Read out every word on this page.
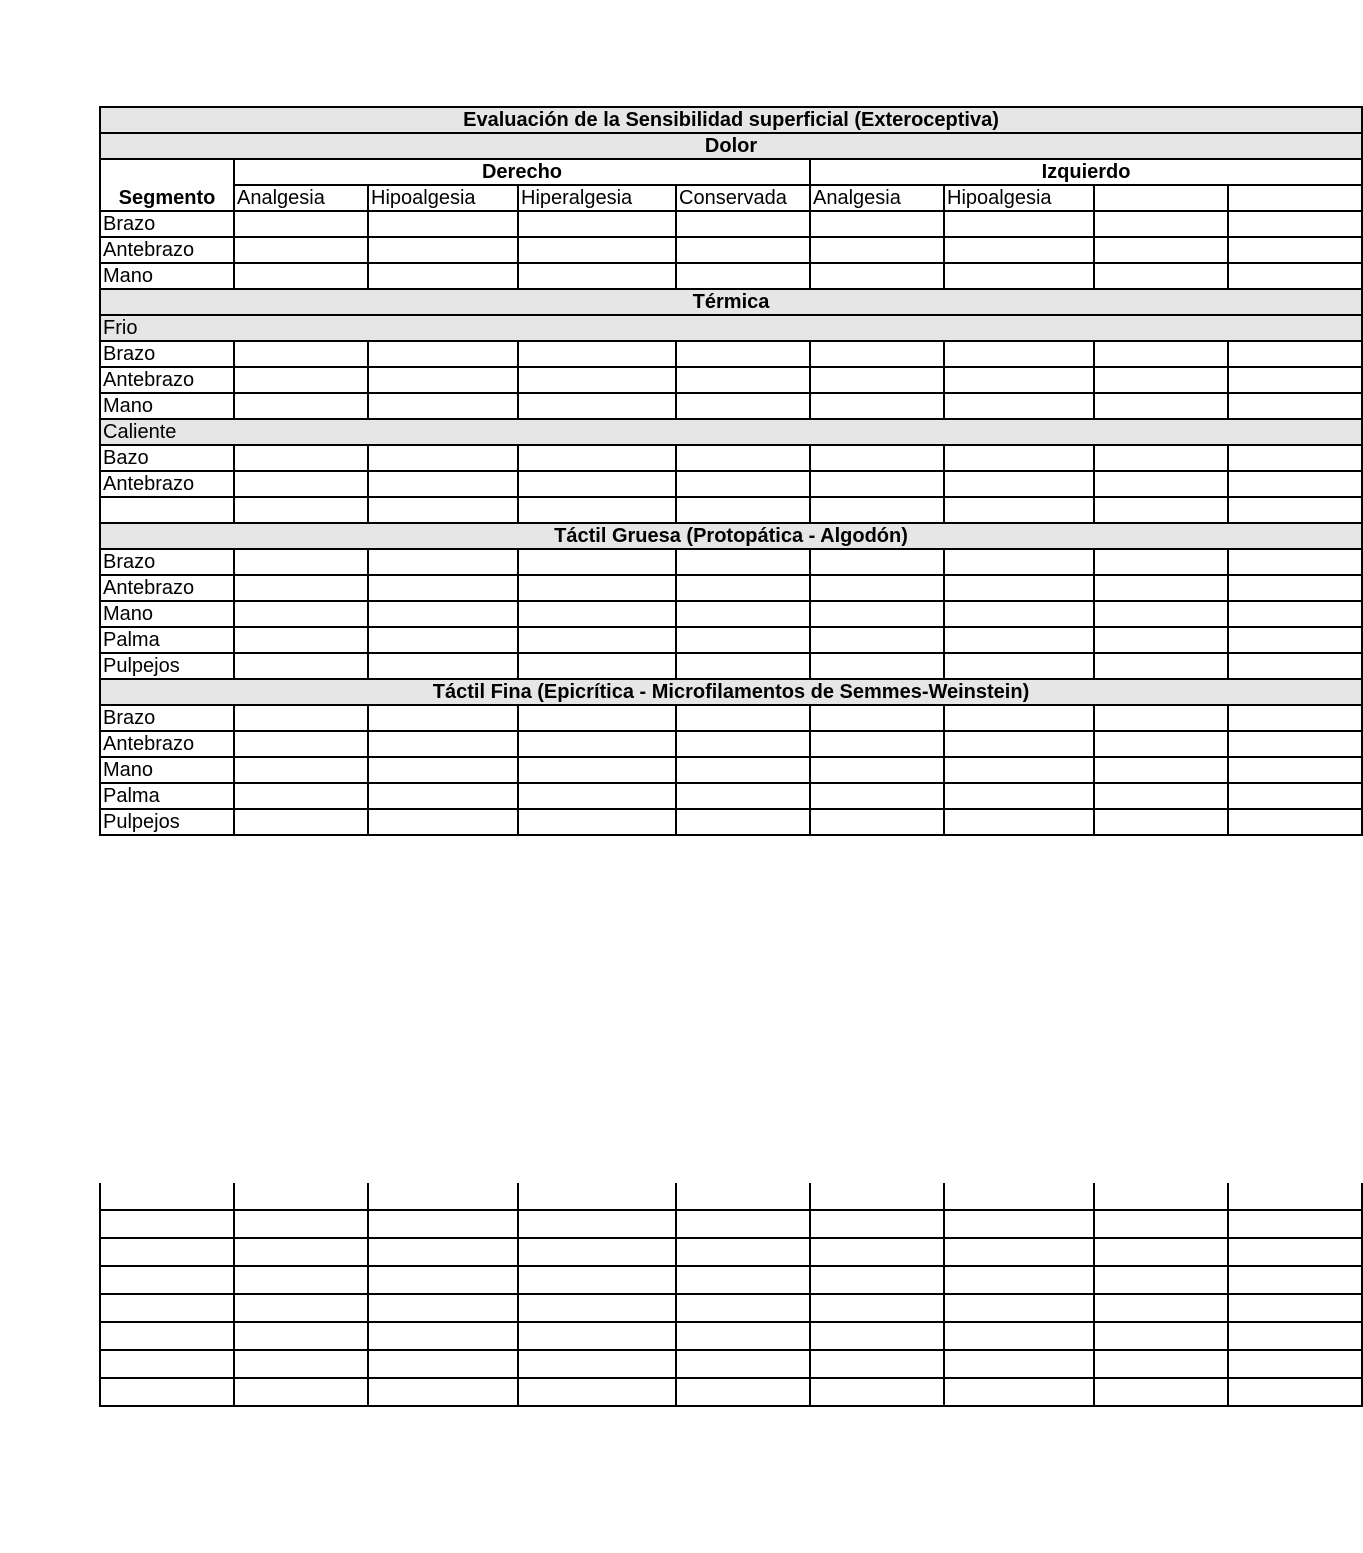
Evaluación de la Sensibilidad superficial (Exteroceptiva)								
Dolor								
Segmento	Derecho				Izquierdo			
	Analgesia	Hipoalgesia	Hiperalgesia	Conservada	Analgesia	Hipoalgesia		
Brazo								
Antebrazo								
Mano								
Térmica								
Frio								
Brazo								
Antebrazo								
Mano								
Caliente								
Bazo								
Antebrazo								

Táctil Gruesa (Protopática - Algodón)								
Brazo								
Antebrazo								
Mano								
Palma								
Pulpejos								
Táctil Fina (Epicrítica - Microfilamentos de Semmes-Weinstein)								
Brazo								
Antebrazo								
Mano								
Palma								
Pulpejos								
